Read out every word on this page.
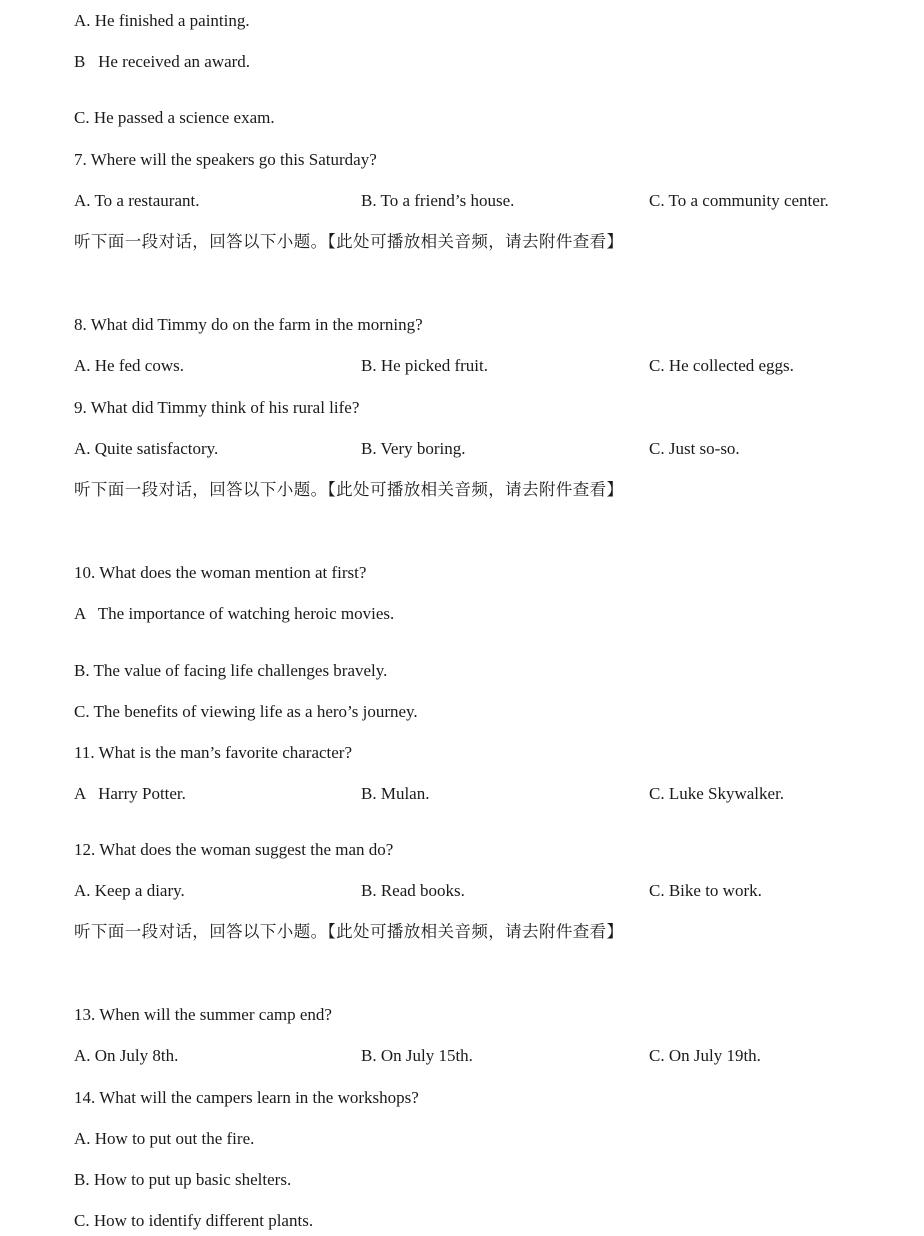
A. He finished a painting.
B   He received an award.
C. He passed a science exam.
7. Where will the speakers go this Saturday?
A. To a restaurant.	B. To a friend’s house.	C. To a community center.
听下面一段对话，回答以下小题。【此处可播放相关音频，请去附件查看】
8. What did Timmy do on the farm in the morning?
A. He fed cows.	B. He picked fruit.	C. He collected eggs.
9. What did Timmy think of his rural life?
A. Quite satisfactory.	B. Very boring.	C. Just so-so.
听下面一段对话，回答以下小题。【此处可播放相关音频，请去附件查看】
10. What does the woman mention at first?
A   The importance of watching heroic movies.
B. The value of facing life challenges bravely.
C. The benefits of viewing life as a hero’s journey.
11. What is the man’s favorite character?
A   Harry Potter.	B. Mulan.	C. Luke Skywalker.
12. What does the woman suggest the man do?
A. Keep a diary.	B. Read books.	C. Bike to work.
听下面一段对话，回答以下小题。【此处可播放相关音频，请去附件查看】
13. When will the summer camp end?
A. On July 8th.	B. On July 15th.	C. On July 19th.
14. What will the campers learn in the workshops?
A. How to put out the fire.
B. How to put up basic shelters.
C. How to identify different plants.
